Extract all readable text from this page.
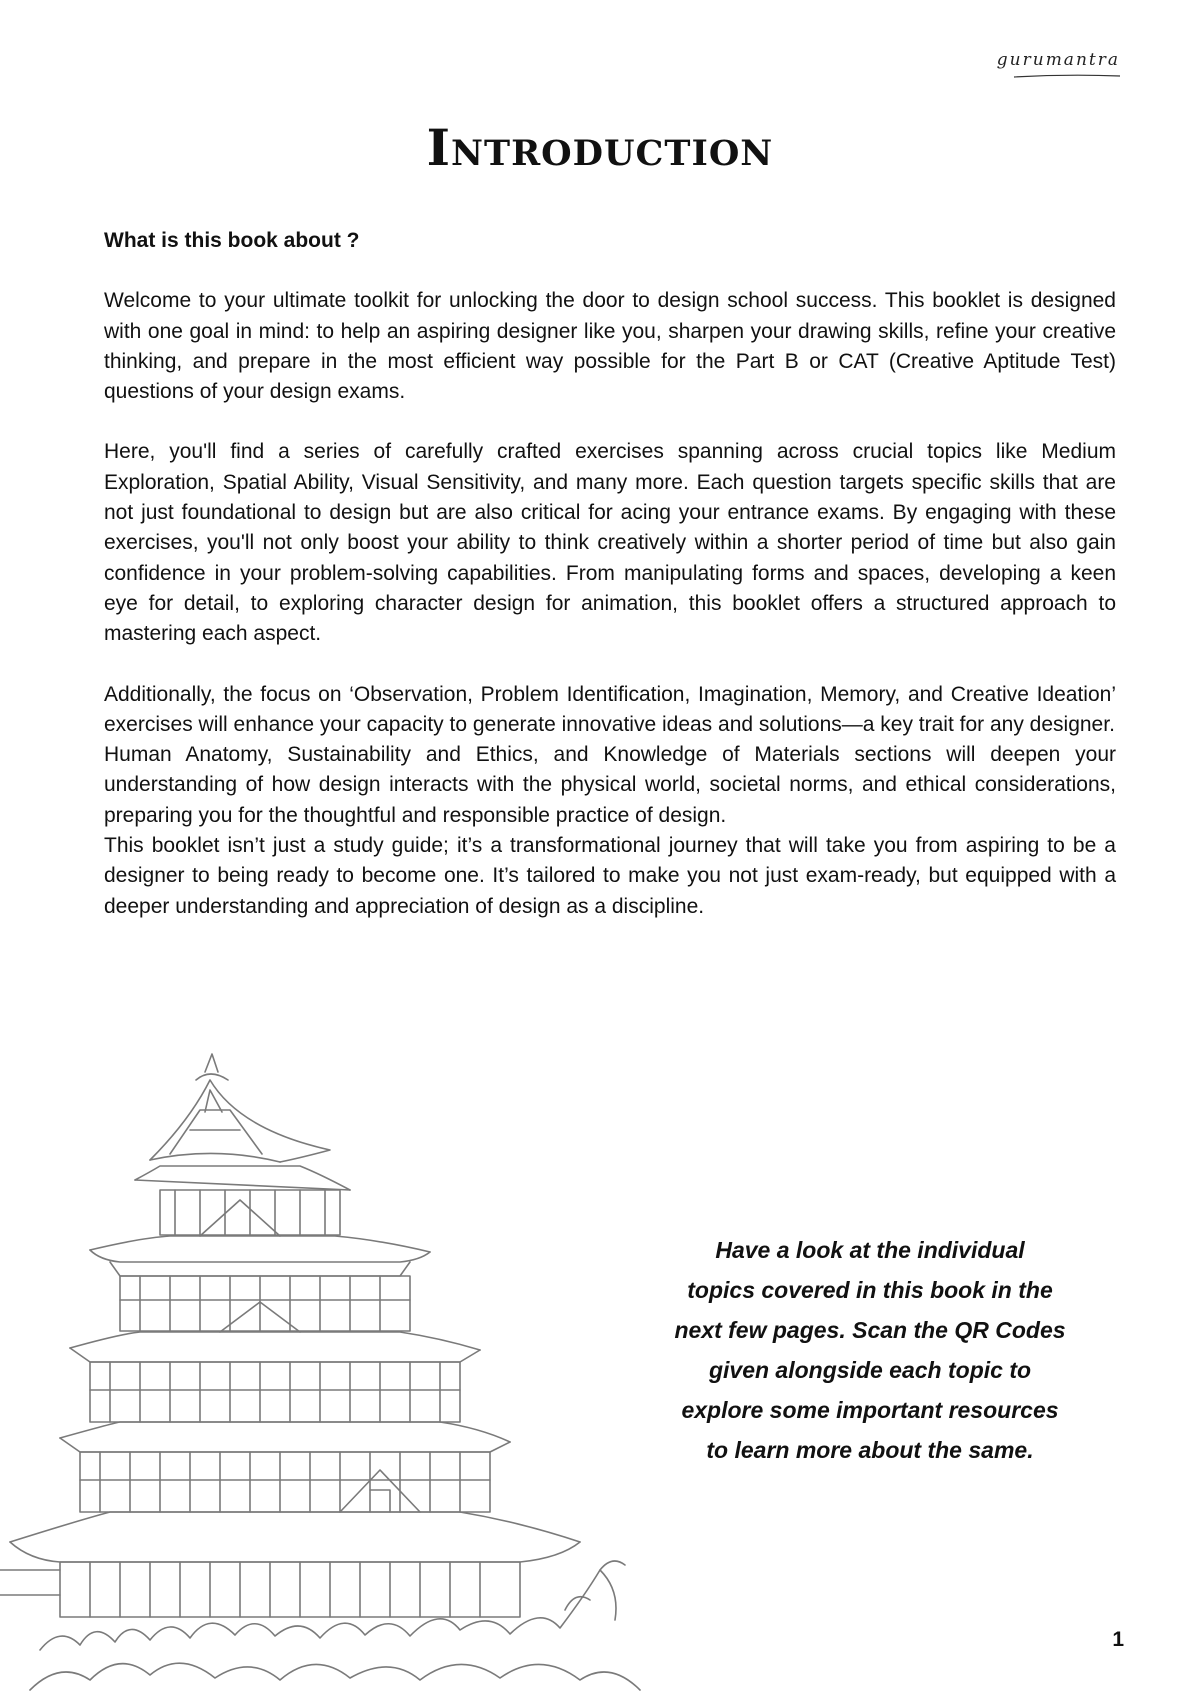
gurumantra
Introduction
What is this book about ?

Welcome to your ultimate toolkit for unlocking the door to design school success. This booklet is designed with one goal in mind: to help an aspiring designer like you, sharpen your drawing skills, refine your creative thinking, and prepare in the most efficient way possible for the Part B or CAT (Creative Aptitude Test) questions of your design exams.

Here, you'll find a series of carefully crafted exercises spanning across crucial topics like Medium Exploration, Spatial Ability, Visual Sensitivity, and many more. Each question targets specific skills that are not just foundational to design but are also critical for acing your entrance exams. By engaging with these exercises, you'll not only boost your ability to think creatively within a shorter period of time but also gain confidence in your problem-solving capabilities. From manipulating forms and spaces, developing a keen eye for detail, to exploring character design for animation, this booklet offers a structured approach to mastering each aspect.

Additionally, the focus on ‘Observation, Problem Identification, Imagination, Memory, and Creative Ideation’ exercises will enhance your capacity to generate innovative ideas and solutions—a key trait for any designer.

Human Anatomy, Sustainability and Ethics, and Knowledge of Materials sections will deepen your understanding of how design interacts with the physical world, societal norms, and ethical considerations, preparing you for the thoughtful and responsible practice of design.

This booklet isn’t just a study guide; it’s a transformational journey that will take you from aspiring to be a designer to being ready to become one. It’s tailored to make you not just exam-ready, but equipped with a deeper understanding and appreciation of design as a discipline.

Have a look at the individual
topics covered in this book in the
next few pages. Scan the QR Codes
given alongside each topic to
explore some important resources
to learn more about the same.
1
